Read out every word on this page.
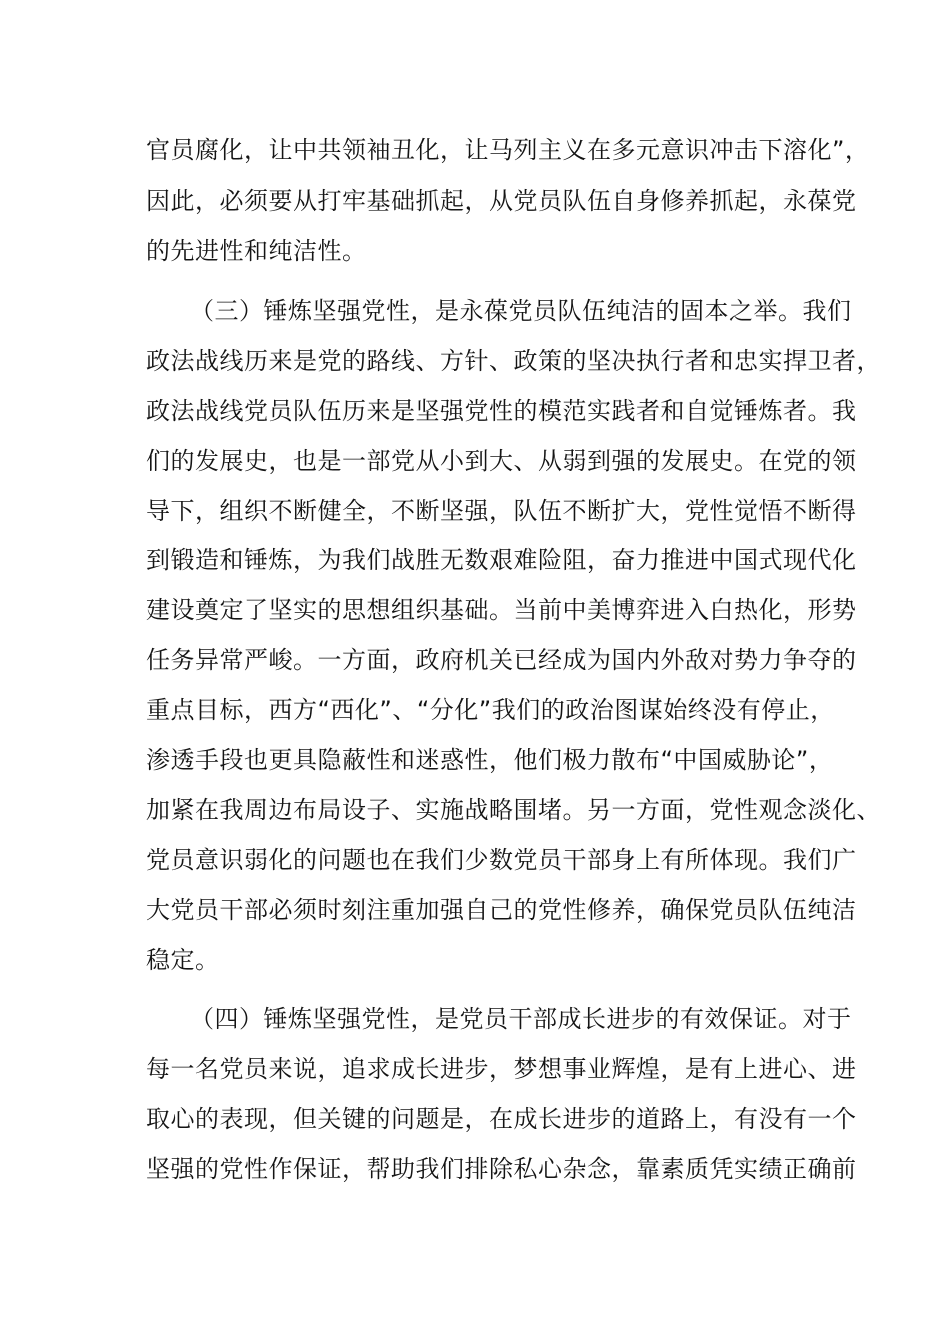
官员腐化，让中共领袖丑化，让马列主义在多元意识冲击下溶化”，
因此，必须要从打牢基础抓起，从党员队伍自身修养抓起，永葆党
的先进性和纯洁性。
（三）锤炼坚强党性，是永葆党员队伍纯洁的固本之举。我们
政法战线历来是党的路线、方针、政策的坚决执行者和忠实捍卫者，
政法战线党员队伍历来是坚强党性的模范实践者和自觉锤炼者。我
们的发展史，也是一部党从小到大、从弱到强的发展史。在党的领
导下，组织不断健全，不断坚强，队伍不断扩大，党性觉悟不断得
到锻造和锤炼，为我们战胜无数艰难险阻，奋力推进中国式现代化
建设奠定了坚实的思想组织基础。当前中美博弈进入白热化，形势
任务异常严峻。一方面，政府机关已经成为国内外敌对势力争夺的
重点目标，西方“西化”、“分化”我们的政治图谋始终没有停止，
渗透手段也更具隐蔽性和迷惑性，他们极力散布“中国威胁论”，
加紧在我周边布局设子、实施战略围堵。另一方面，党性观念淡化、
党员意识弱化的问题也在我们少数党员干部身上有所体现。我们广
大党员干部必须时刻注重加强自己的党性修养，确保党员队伍纯洁
稳定。
（四）锤炼坚强党性，是党员干部成长进步的有效保证。对于
每一名党员来说，追求成长进步，梦想事业辉煌，是有上进心、进
取心的表现，但关键的问题是，在成长进步的道路上，有没有一个
坚强的党性作保证，帮助我们排除私心杂念，靠素质凭实绩正确前
